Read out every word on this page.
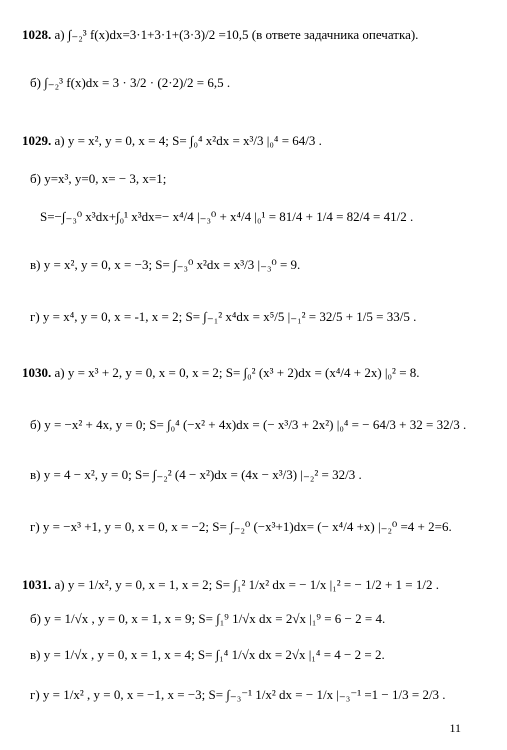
1028. а) ∫₋₂³ f(x)dx=3·1+3·1+(3·3)/2 =10,5 (в ответе задачника опечатка).
б) ∫₋₂³ f(x)dx = 3 · 3/2 · (2·2)/2 = 6,5 .
1029. а) y = x², y = 0, x = 4; S= ∫₀⁴ x²dx = x³/3 |₀⁴ = 64/3 .
б) y=x³, y=0, x= − 3, x=1;
S=−∫₋₃⁰ x³dx+∫₀¹ x³dx=− x⁴/4 |₋₃⁰ + x⁴/4 |₀¹ = 81/4 + 1/4 = 82/4 = 41/2 .
в) y = x², y = 0, x = −3; S= ∫₋₃⁰ x²dx = x³/3 |₋₃⁰ = 9.
г) y = x⁴, y = 0, x = -1, x = 2; S= ∫₋₁² x⁴dx = x⁵/5 |₋₁² = 32/5 + 1/5 = 33/5 .
1030. а) y = x³ + 2, y = 0, x = 0, x = 2; S= ∫₀² (x³ + 2)dx = (x⁴/4 + 2x) |₀² = 8.
б) y = −x² + 4x, y = 0; S= ∫₀⁴ (−x² + 4x)dx = (− x³/3 + 2x²) |₀⁴ = − 64/3 + 32 = 32/3 .
в) y = 4 − x², y = 0; S= ∫₋₂² (4 − x²)dx = (4x − x³/3) |₋₂² = 32/3 .
г) y = −x³ +1, y = 0, x = 0, x = −2; S= ∫₋₂⁰ (−x³+1)dx= (− x⁴/4 +x) |₋₂⁰ =4 + 2=6.
1031. а) y = 1/x², y = 0, x = 1, x = 2; S= ∫₁² 1/x² dx = − 1/x |₁² = − 1/2 + 1 = 1/2 .
б) y = 1/√x , y = 0, x = 1, x = 9; S= ∫₁⁹ 1/√x dx = 2√x |₁⁹ = 6 − 2 = 4.
в) y = 1/√x , y = 0, x = 1, x = 4; S= ∫₁⁴ 1/√x dx = 2√x |₁⁴ = 4 − 2 = 2.
г) y = 1/x² , y = 0, x = −1, x = −3; S= ∫₋₃⁻¹ 1/x² dx = − 1/x |₋₃⁻¹ =1 − 1/3 = 2/3 .
11
